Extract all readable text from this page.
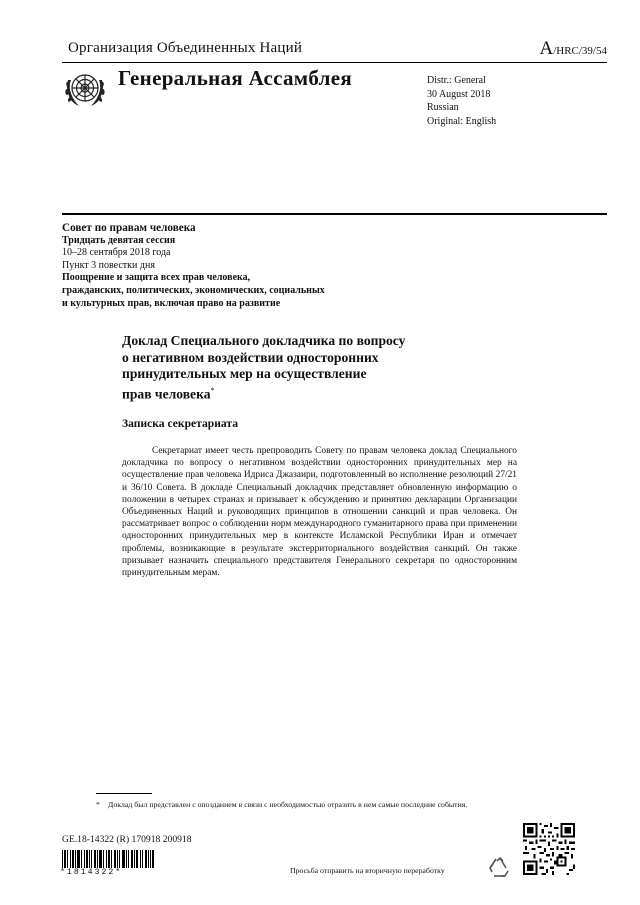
Организация Объединенных Наций	A/HRC/39/54
Генеральная Ассамблея	Distr.: General
30 August 2018
Russian
Original: English
Совет по правам человека
Тридцать девятая сессия
10–28 сентября 2018 года
Пункт 3 повестки дня
Поощрение и защита всех прав человека,
гражданских, политических, экономических, социальных
и культурных прав, включая право на развитие
Доклад Специального докладчика по вопросу
о негативном воздействии односторонних
принудительных мер на осуществление
прав человека*
Записка секретариата
Секретариат имеет честь препроводить Совету по правам человека доклад Специального докладчика по вопросу о негативном воздействии односторонних принудительных мер на осуществление прав человека Идриса Джазаири, подготовленный во исполнение резолюций 27/21 и 36/10 Совета. В докладе Специальный докладчик представляет обновленную информацию о положении в четырех странах и призывает к обсуждению и принятию декларации Организации Объединенных Наций и руководящих принципов в отношении санкций и прав человека. Он рассматривает вопрос о соблюдении норм международного гуманитарного права при применении односторонних принудительных мер в контексте Исламской Республики Иран и отмечает проблемы, возникающие в результате экстерриториального воздействия санкций. Он также призывает назначить специального представителя Генерального секретаря по односторонним принудительным мерам.
* Доклад был представлен с опозданием в связи с необходимостью отразить в нем самые последние события.
GE.18-14322 (R) 170918 200918
*1814322*	Просьба отправить на вторичную переработку
